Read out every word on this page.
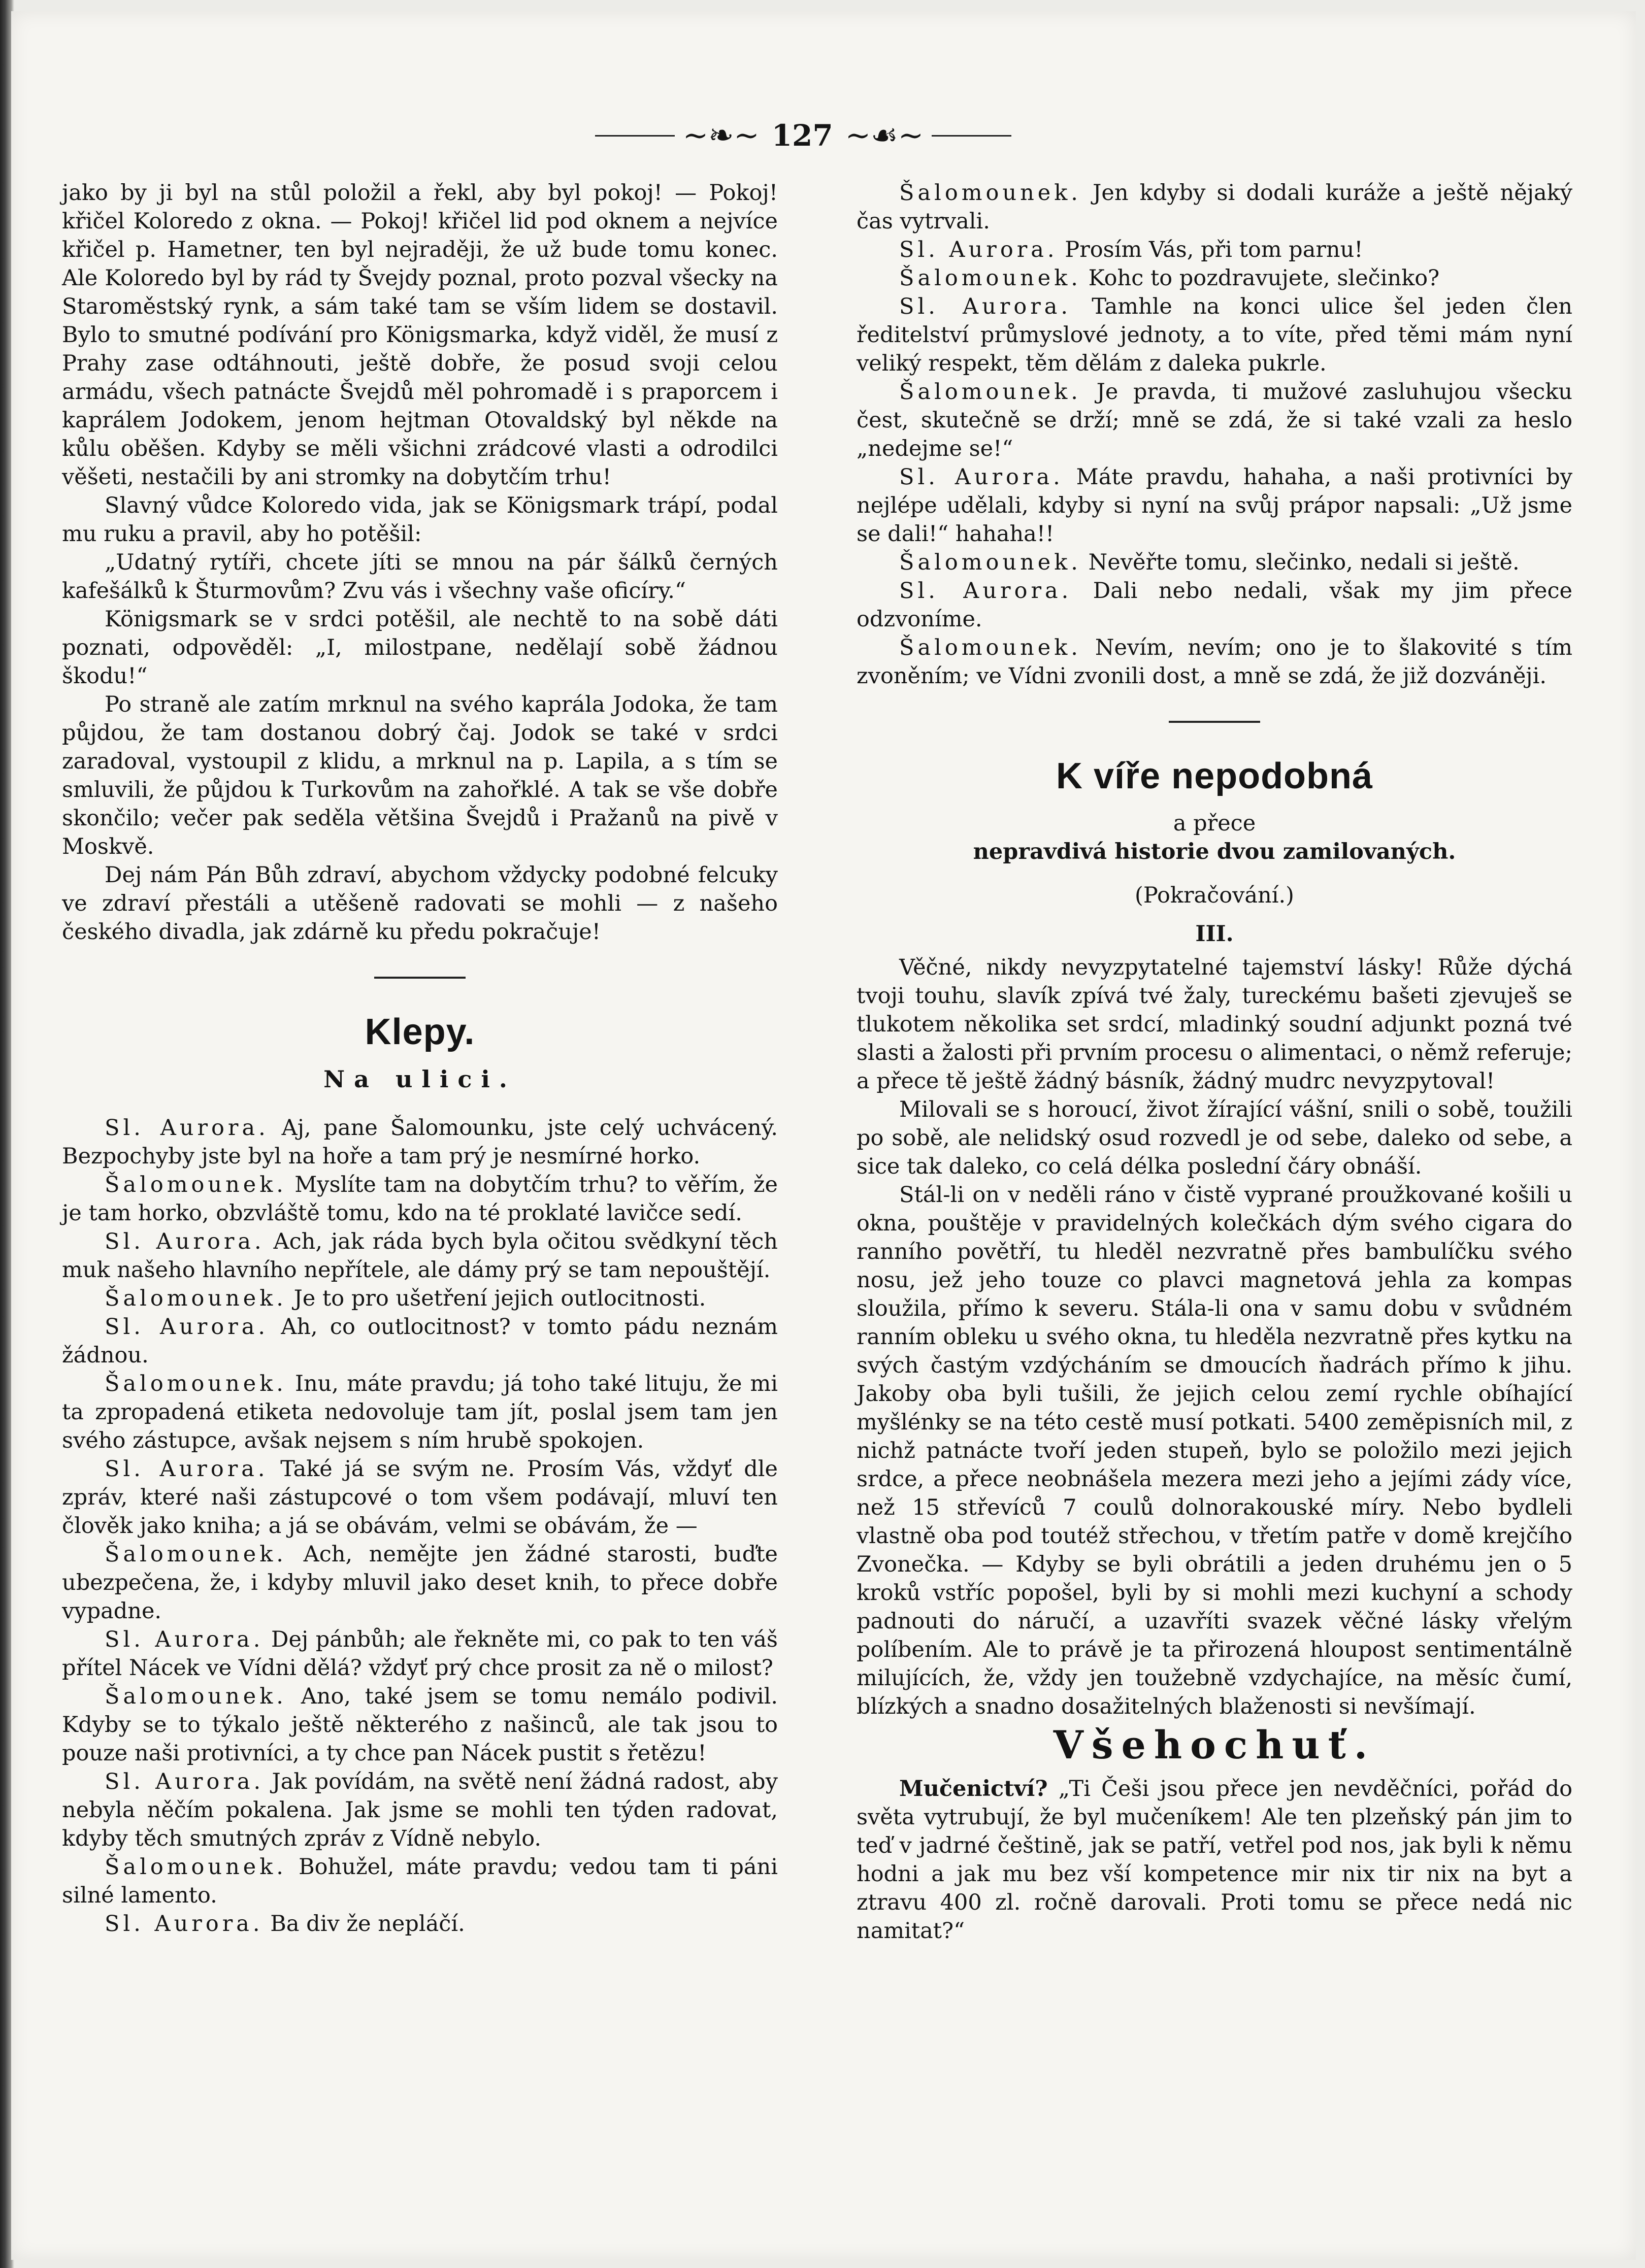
~❧~ 127 ~☙~

jako by ji byl na stůl položil a řekl, aby byl pokoj! — Pokoj! křičel Koloredo z okna. — Pokoj! křičel lid pod oknem a nejvíce křičel p. Hametner, ten byl nejraději, že už bude tomu konec. Ale Koloredo byl by rád ty Švejdy poznal, proto pozval všecky na Staroměstský rynk, a sám také tam se vším lidem se dostavil. Bylo to smutné podívání pro Königsmarka, když viděl, že musí z Prahy zase odtáhnouti, ještě dobře, že posud svoji celou armádu, všech patnácte Švejdů měl pohromadě i s praporcem i kaprálem Jodokem, jenom hejtman Otovaldský byl někde na kůlu oběšen. Kdyby se měli všichni zrádcové vlasti a odrodilci věšeti, nestačili by ani stromky na dobytčím trhu!

Slavný vůdce Koloredo vida, jak se Königsmark trápí, podal mu ruku a pravil, aby ho potěšil:

„Udatný rytíři, chcete jíti se mnou na pár šálků černých kafešálků k Šturmovům? Zvu vás i všechny vaše oficíry.“

Königsmark se v srdci potěšil, ale nechtě to na sobě dáti poznati, odpověděl: „I, milostpane, nedělají sobě žádnou škodu!“

Po straně ale zatím mrknul na svého kaprála Jodoka, že tam půjdou, že tam dostanou dobrý čaj. Jodok se také v srdci zaradoval, vystoupil z klidu, a mrknul na p. Lapila, a s tím se smluvili, že půjdou k Turkovům na zahořklé. A tak se vše dobře skončilo; večer pak seděla většina Švejdů i Pražanů na pivě v Moskvě.

Dej nám Pán Bůh zdraví, abychom vždycky podobné felcuky ve zdraví přestáli a utěšeně radovati se mohli — z našeho českého divadla, jak zdárně ku předu pokračuje!

Klepy.
Na ulici.

Sl. Aurora. Aj, pane Šalomounku, jste celý uchvácený. Bezpochyby jste byl na hoře a tam prý je nesmírné horko.

Šalomounek. Myslíte tam na dobytčím trhu? to věřím, že je tam horko, obzvláště tomu, kdo na té proklaté lavičce sedí.

Sl. Aurora. Ach, jak ráda bych byla očitou svědkyní těch muk našeho hlavního nepřítele, ale dámy prý se tam nepouštějí.

Šalomounek. Je to pro ušetření jejich outlocitnosti.

Sl. Aurora. Ah, co outlocitnost? v tomto pádu neznám žádnou.

Šalomounek. Inu, máte pravdu; já toho také lituju, že mi ta zpropadená etiketa nedovoluje tam jít, poslal jsem tam jen svého zástupce, avšak nejsem s ním hrubě spokojen.

Sl. Aurora. Také já se svým ne. Prosím Vás, vždyť dle zpráv, které naši zástupcové o tom všem podávají, mluví ten člověk jako kniha; a já se obávám, velmi se obávám, že —

Šalomounek. Ach, nemějte jen žádné starosti, buďte ubezpečena, že, i kdyby mluvil jako deset knih, to přece dobře vypadne.

Sl. Aurora. Dej pánbůh; ale řekněte mi, co pak to ten váš přítel Nácek ve Vídni dělá? vždyť prý chce prosit za ně o milost?

Šalomounek. Ano, také jsem se tomu nemálo podivil. Kdyby se to týkalo ještě některého z našinců, ale tak jsou to pouze naši protivníci, a ty chce pan Nácek pustit s řetězu!

Sl. Aurora. Jak povídám, na světě není žádná radost, aby nebyla něčím pokalena. Jak jsme se mohli ten týden radovat, kdyby těch smutných zpráv z Vídně nebylo.

Šalomounek. Bohužel, máte pravdu; vedou tam ti páni silné lamento.

Sl. Aurora. Ba div že nepláčí.

Šalomounek. Jen kdyby si dodali kuráže a ještě nějaký čas vytrvali.

Sl. Aurora. Prosím Vás, při tom parnu!

Šalomounek. Kohc to pozdravujete, slečinko?

Sl. Aurora. Tamhle na konci ulice šel jeden člen ředitelství průmyslové jednoty, a to víte, před těmi mám nyní veliký respekt, těm dělám z daleka pukrle.

Šalomounek. Je pravda, ti mužové zasluhujou všecku čest, skutečně se drží; mně se zdá, že si také vzali za heslo „nedejme se!“

Sl. Aurora. Máte pravdu, hahaha, a naši protivníci by nejlépe udělali, kdyby si nyní na svůj prápor napsali: „Už jsme se dali!“ hahaha!!

Šalomounek. Nevěřte tomu, slečinko, nedali si ještě.

Sl. Aurora. Dali nebo nedali, však my jim přece odzvoníme.

Šalomounek. Nevím, nevím; ono je to šlakovité s tím zvoněním; ve Vídni zvonili dost, a mně se zdá, že již dozváněji.

K víře nepodobná
a přece
nepravdivá historie dvou zamilovaných.
(Pokračování.)
III.

Věčné, nikdy nevyzpytatelné tajemství lásky! Růže dýchá tvoji touhu, slavík zpívá tvé žaly, tureckému bašeti zjevuješ se tlukotem několika set srdcí, mladinký soudní adjunkt pozná tvé slasti a žalosti při prvním procesu o alimentaci, o němž referuje; a přece tě ještě žádný básník, žádný mudrc nevyzpytoval!

Milovali se s horoucí, život žírající vášní, snili o sobě, toužili po sobě, ale nelidský osud rozvedl je od sebe, daleko od sebe, a sice tak daleko, co celá délka poslední čáry obnáší.

Stál-li on v neděli ráno v čistě vyprané proužkované košili u okna, pouštěje v pravidelných kolečkách dým svého cigara do ranního povětří, tu hleděl nezvratně přes bambulíčku svého nosu, jež jeho touze co plavci magnetová jehla za kompas sloužila, přímo k severu. Stála-li ona v samu dobu v svůdném ranním obleku u svého okna, tu hleděla nezvratně přes kytku na svých častým vzdýcháním se dmoucích ňadrách přímo k jihu. Jakoby oba byli tušili, že jejich celou zemí rychle obíhající myšlénky se na této cestě musí potkati. 5400 zeměpisních mil, z nichž patnácte tvoří jeden stupeň, bylo se položilo mezi jejich srdce, a přece neobnášela mezera mezi jeho a jejími zády více, než 15 střevíců 7 coulů dolnorakouské míry. Nebo bydleli vlastně oba pod toutéž střechou, v třetím patře v domě krejčího Zvonečka. — Kdyby se byli obrátili a jeden druhému jen o 5 kroků vstříc popošel, byli by si mohli mezi kuchyní a schody padnouti do náručí, a uzavříti svazek věčné lásky vřelým políbením. Ale to právě je ta přirozená hloupost sentimentálně milujících, že, vždy jen toužebně vzdychajíce, na měsíc čumí, blízkých a snadno dosažitelných blaženosti si nevšímají.

Všehochuť.

Mučenictví? „Ti Češi jsou přece jen nevděčníci, pořád do světa vytrubují, že byl mučeníkem! Ale ten plzeňský pán jim to teď v jadrné češtině, jak se patří, vetřel pod nos, jak byli k němu hodni a jak mu bez vší kompetence mir nix tir nix na byt a ztravu 400 zl. ročně darovali. Proti tomu se přece nedá nic namitat?“
